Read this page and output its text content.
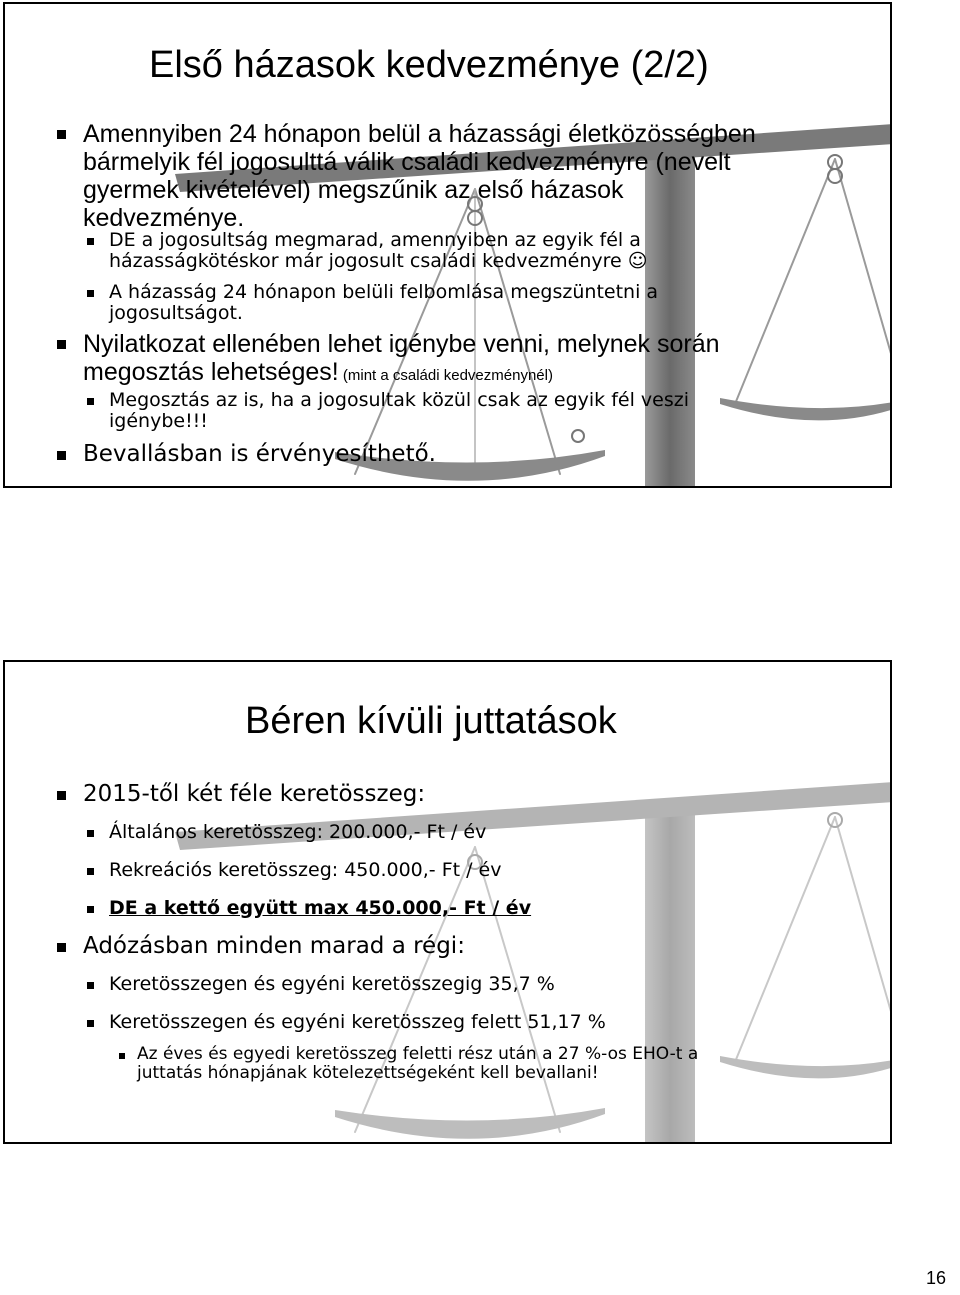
Első házasok kedvezménye (2/2)
Amennyiben 24 hónapon belül a házassági életközösségben
bármelyik fél jogosulttá válik családi kedvezményre (nevelt
gyermek kivételével) megszűnik az első házasok
kedvezménye.
DE a jogosultság megmarad, amennyiben az egyik fél a
házasságkötéskor már jogosult családi kedvezményre ☺
A házasság 24 hónapon belüli felbomlása megszüntetni a
jogosultságot.
Nyilatkozat ellenében lehet igénybe venni, melynek során
megosztás lehetséges! (mint a családi kedvezménynél)
Megosztás az is, ha a jogosultak közül csak az egyik fél veszi
igénybe!!!
Bevallásban is érvényesíthető.
Béren kívüli juttatások
2015-től két féle keretösszeg:
Általános keretösszeg: 200.000,- Ft / év
Rekreációs keretösszeg: 450.000,- Ft / év
DE a kettő együtt max 450.000,- Ft / év
Adózásban minden marad a régi:
Keretösszegen és egyéni keretösszegig 35,7 %
Keretösszegen és egyéni keretösszeg felett 51,17 %
Az éves és egyedi keretösszeg feletti rész után a 27 %-os EHO-t a
juttatás hónapjának kötelezettségeként kell bevallani!

16
